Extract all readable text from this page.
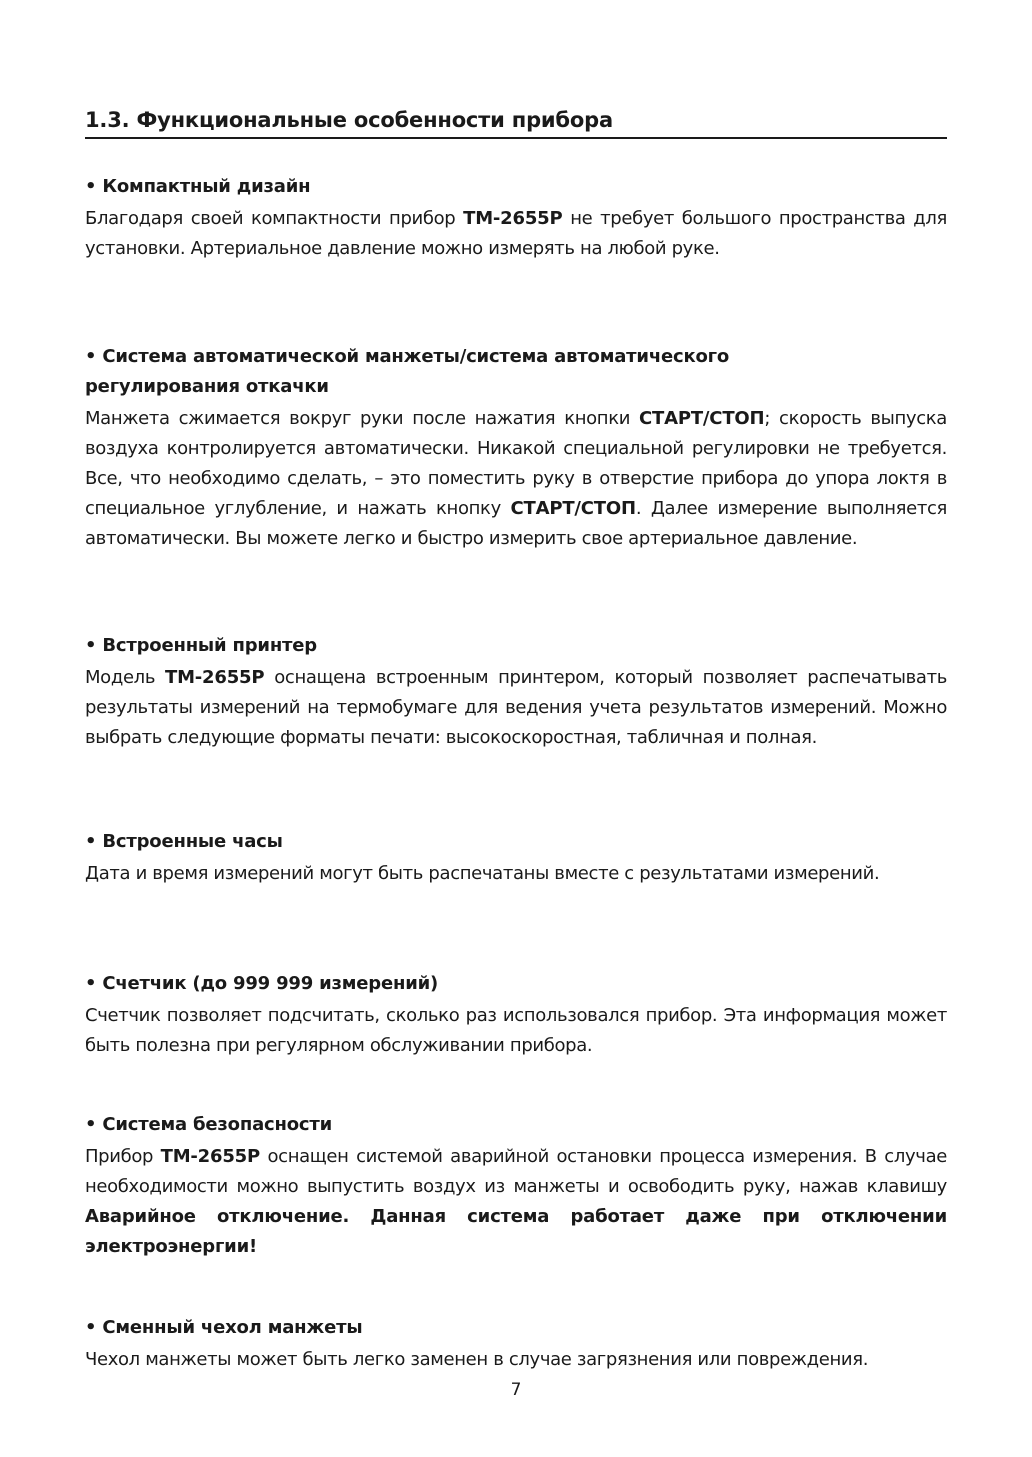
1.3. Функциональные особенности прибора
• Компактный дизайн

Благодаря своей компактности прибор ТМ-2655Р не требует большого пространства для установки. Артериальное давление можно измерять на любой руке.

• Система автоматической манжеты/система автоматического
регулирования откачки

Манжета сжимается вокруг руки после нажатия кнопки СТАРТ/СТОП; скорость выпуска воздуха контролируется автоматически. Никакой специальной регулировки не требуется. Все, что необходимо сделать, – это поместить руку в отверстие прибора до упора локтя в специальное углубление, и нажать кнопку СТАРТ/СТОП. Далее измерение выполняется автоматически. Вы можете легко и быстро измерить свое артериальное давление.

• Встроенный принтер

Модель ТМ-2655Р оснащена встроенным принтером, который позволяет распечатывать результаты измерений на термобумаге для ведения учета результатов измерений. Можно выбрать следующие форматы печати: высокоскоростная, табличная и полная.

• Встроенные часы

Дата и время измерений могут быть распечатаны вместе с результатами измерений.

• Счетчик (до 999 999 измерений)

Счетчик позволяет подсчитать, сколько раз использовался прибор. Эта информация может быть полезна при регулярном обслуживании прибора.

• Система безопасности

Прибор ТМ-2655Р оснащен системой аварийной остановки процесса измерения. В случае необходимости можно выпустить воздух из манжеты и освободить руку, нажав клавишу Аварийное отключение. Данная система работает даже при отключении электроэнергии!

• Сменный чехол манжеты

Чехол манжеты может быть легко заменен в случае загрязнения или повреждения.

7
